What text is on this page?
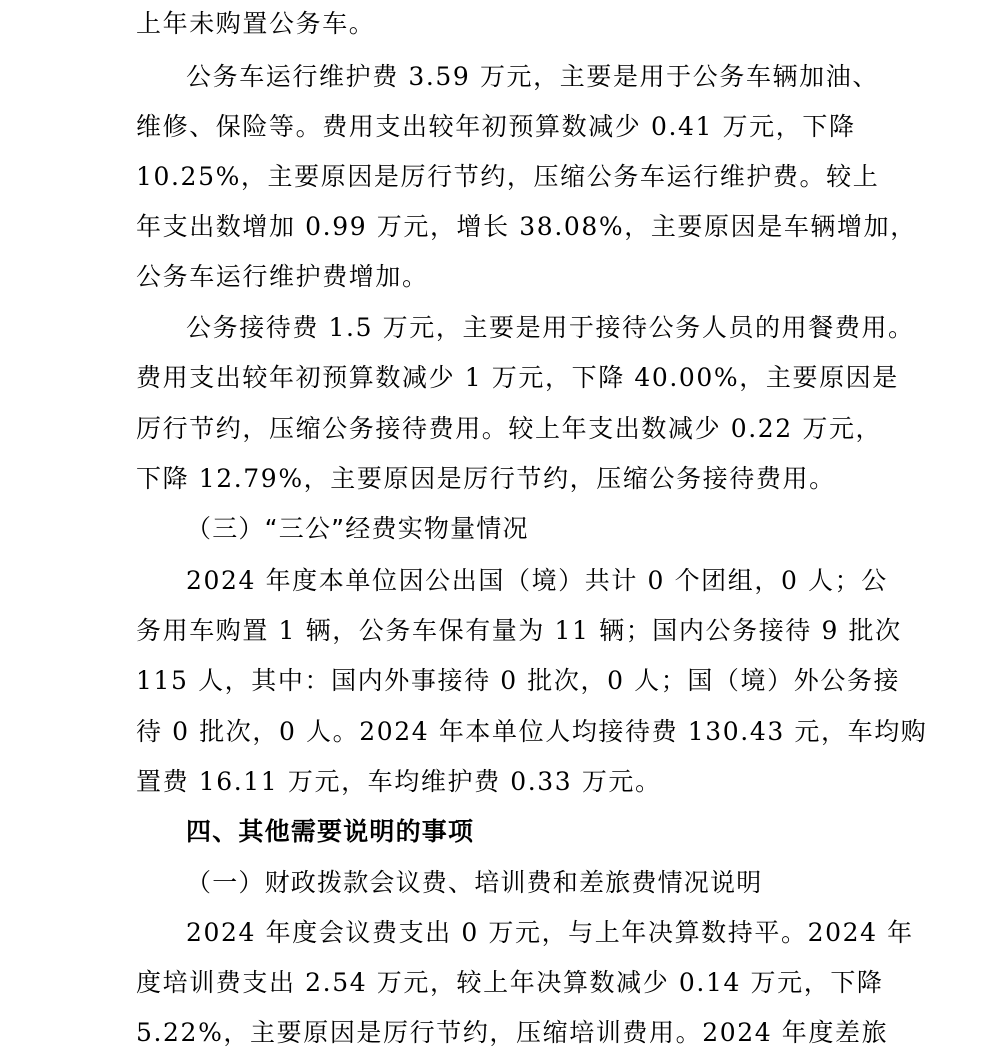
上年未购置公务车。
公务车运行维护费 3.59 万元，主要是用于公务车辆加油、
维修、保险等。费用支出较年初预算数减少 0.41 万元，下降
10.25%，主要原因是厉行节约，压缩公务车运行维护费。较上
年支出数增加 0.99 万元，增长 38.08%，主要原因是车辆增加，
公务车运行维护费增加。
公务接待费 1.5 万元，主要是用于接待公务人员的用餐费用。
费用支出较年初预算数减少 1 万元，下降 40.00%，主要原因是
厉行节约，压缩公务接待费用。较上年支出数减少 0.22 万元，
下降 12.79%，主要原因是厉行节约，压缩公务接待费用。
（三）“三公”经费实物量情况
2024 年度本单位因公出国（境）共计 0 个团组，0 人；公
务用车购置 1 辆，公务车保有量为 11 辆；国内公务接待 9 批次
115 人，其中：国内外事接待 0 批次，0 人；国（境）外公务接
待 0 批次，0 人。2024 年本单位人均接待费 130.43 元，车均购
置费 16.11 万元，车均维护费 0.33 万元。
四、其他需要说明的事项
（一）财政拨款会议费、培训费和差旅费情况说明
2024 年度会议费支出 0 万元，与上年决算数持平。2024 年
度培训费支出 2.54 万元，较上年决算数减少 0.14 万元，下降
5.22%，主要原因是厉行节约，压缩培训费用。2024 年度差旅
